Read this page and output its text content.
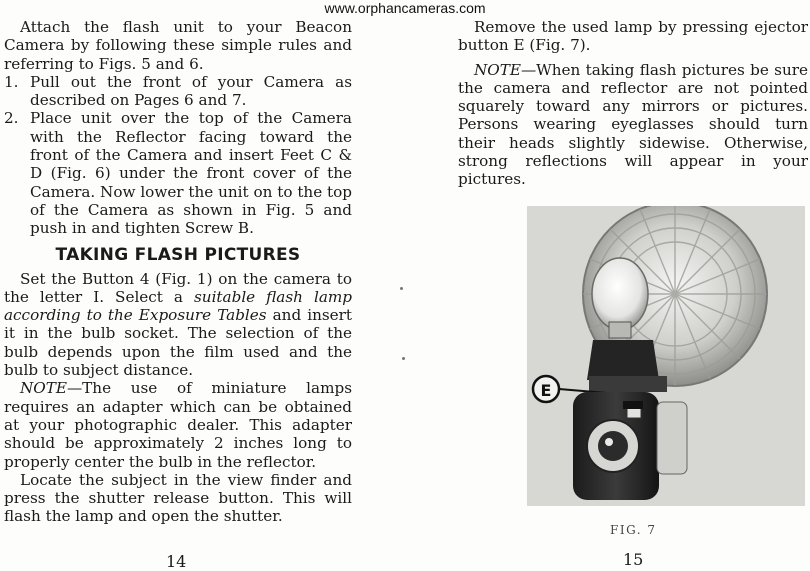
www.orphancameras.com

Attach the flash unit to your Beacon Camera by following these simple rules and referring to Figs. 5 and 6.

1. Pull out the front of your Camera as described on Pages 6 and 7.
2. Place unit over the top of the Camera with the Reflector facing toward the front of the Camera and insert Feet C & D (Fig. 6) under the front cover of the Camera. Now lower the unit on to the top of the Camera as shown in Fig. 5 and push in and tighten Screw B.
TAKING FLASH PICTURES

Set the Button 4 (Fig. 1) on the camera to the letter I. Select a suitable flash lamp according to the Exposure Tables and insert it in the bulb socket. The selection of the bulb depends upon the film used and the bulb to subject distance.

NOTE—The use of miniature lamps requires an adapter which can be obtained at your photographic dealer. This adapter should be approximately 2 inches long to properly center the bulb in the reflector.

Locate the subject in the view finder and press the shutter release button. This will flash the lamp and open the shutter.

14

Remove the used lamp by pressing ejector button E (Fig. 7).

NOTE—When taking flash pictures be sure the camera and reflector are not pointed squarely toward any mirrors or pictures. Persons wearing eyeglasses should turn their heads slightly sidewise. Otherwise, strong reflections will appear in your pictures.

E
FIG. 7
15
